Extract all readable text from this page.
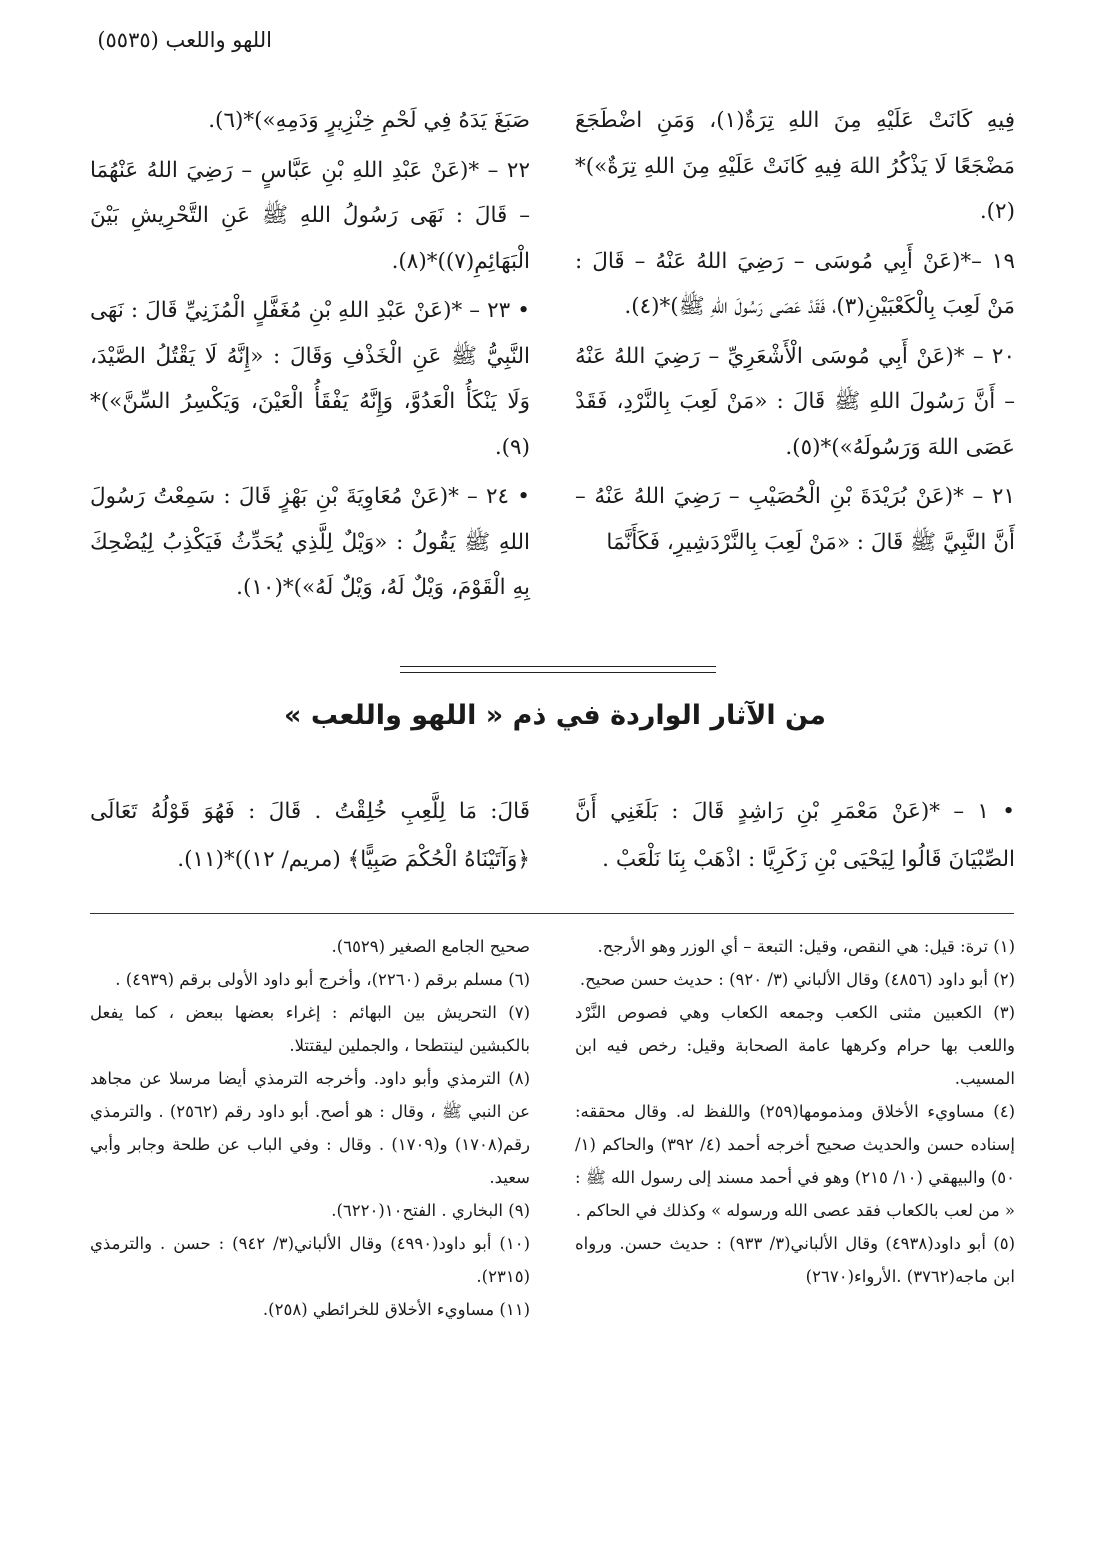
اللهو واللعب (٥٥٣٥)

فِيهِ كَانَتْ عَلَيْهِ مِنَ اللهِ تِرَةٌ(١)، وَمَنِ اضْطَجَعَ مَضْجَعًا لَا يَذْكُرُ اللهَ فِيهِ كَانَتْ عَلَيْهِ مِنَ اللهِ تِرَةٌ»)*(٢).

١٩ –*(عَنْ أَبِي مُوسَى – رَضِيَ اللهُ عَنْهُ – قَالَ : مَنْ لَعِبَ بِالْكَعْبَيْنِ(٣)، فَقَدْ عَصَى رَسُولَ اللهِ ﷺ)*(٤).

٢٠ – *(عَنْ أَبِي مُوسَى الْأَشْعَرِيِّ – رَضِيَ اللهُ عَنْهُ – أَنَّ رَسُولَ اللهِ ﷺ قَالَ : «مَنْ لَعِبَ بِالنَّرْدِ، فَقَدْ عَصَى اللهَ وَرَسُولَهُ»)*(٥).

٢١ – *(عَنْ بُرَيْدَةَ بْنِ الْحُصَيْبِ – رَضِيَ اللهُ عَنْهُ – أَنَّ النَّبِيَّ ﷺ قَالَ : «مَنْ لَعِبَ بِالنَّرْدَشِيرِ، فَكَأَنَّمَا

صَبَغَ يَدَهُ فِي لَحْمِ خِنْزِيرٍ وَدَمِهِ»)*(٦).

٢٢ – *(عَنْ عَبْدِ اللهِ بْنِ عَبَّاسٍ – رَضِيَ اللهُ عَنْهُمَا – قَالَ : نَهَى رَسُولُ اللهِ ﷺ عَنِ التَّحْرِيشِ بَيْنَ الْبَهَائِمِ(٧))*(٨).

• ٢٣ – *(عَنْ عَبْدِ اللهِ بْنِ مُغَفَّلٍ الْمُزَنِيِّ قَالَ : نَهَى النَّبِيُّ ﷺ عَنِ الْخَذْفِ وَقَالَ : «إِنَّهُ لَا يَقْتُلُ الصَّيْدَ، وَلَا يَنْكَأُ الْعَدُوَّ، وَإِنَّهُ يَفْقَأُ الْعَيْنَ، وَيَكْسِرُ السِّنَّ»)*(٩).

• ٢٤ – *(عَنْ مُعَاوِيَةَ بْنِ بَهْزٍ قَالَ : سَمِعْتُ رَسُولَ اللهِ ﷺ يَقُولُ : «وَيْلٌ لِلَّذِي يُحَدِّثُ فَيَكْذِبُ لِيُضْحِكَ بِهِ الْقَوْمَ، وَيْلٌ لَهُ، وَيْلٌ لَهُ»)*(١٠).

من الآثار الواردة في ذم « اللهو واللعب »

• ١ – *(عَنْ مَعْمَرِ بْنِ رَاشِدٍ قَالَ : بَلَغَنِي أَنَّ الصِّبْيَانَ قَالُوا لِيَحْيَى بْنِ زَكَرِيَّا : اذْهَبْ بِنَا نَلْعَبْ .

قَالَ: مَا لِلَّعِبِ خُلِقْتُ . قَالَ : فَهُوَ قَوْلُهُ تَعَالَى ﴿وَآتَيْنَاهُ الْحُكْمَ صَبِيًّا﴾ (مريم/ ١٢))*(١١).

(١) ترة: قيل: هي النقص، وقيل: التبعة – أي الوزر وهو الأرجح.

(٢) أبو داود (٤٨٥٦) وقال الألباني (٣/ ٩٢٠) : حديث حسن صحيح.

(٣) الكعبين مثنى الكعب وجمعه الكعاب وهي فصوص النَّرْد واللعب بها حرام وكرهها عامة الصحابة وقيل: رخص فيه ابن المسيب.

(٤) مساويء الأخلاق ومذمومها(٢٥٩) واللفظ له. وقال محققه: إسناده حسن والحديث صحيح أخرجه أحمد (٤/ ٣٩٢) والحاكم (١/ ٥٠) والبيهقي (١٠/ ٢١٥) وهو في أحمد مسند إلى رسول الله ﷺ : « من لعب بالكعاب فقد عصى الله ورسوله » وكذلك في الحاكم .

(٥) أبو داود(٤٩٣٨) وقال الألباني(٣/ ٩٣٣) : حديث حسن. ورواه ابن ماجه(٣٧٦٢) .الأرواء(٢٦٧٠)

صحيح الجامع الصغير (٦٥٢٩).

(٦) مسلم برقم (٢٢٦٠)، وأخرج أبو داود الأولى برقم (٤٩٣٩) .

(٧) التحريش بين البهائم : إغراء بعضها ببعض ، كما يفعل بالكبشين لينتطحا ، والجملين ليقتتلا.

(٨) الترمذي وأبو داود. وأخرجه الترمذي أيضا مرسلا عن مجاهد عن النبي ﷺ ، وقال : هو أصح. أبو داود رقم (٢٥٦٢) . والترمذي رقم(١٧٠٨) و(١٧٠٩) . وقال : وفي الباب عن طلحة وجابر وأبي سعيد.

(٩) البخاري . الفتح١٠(٦٢٢٠).

(١٠) أبو داود(٤٩٩٠) وقال الألباني(٣/ ٩٤٢) : حسن . والترمذي (٢٣١٥).

(١١) مساويء الأخلاق للخرائطي (٢٥٨).
